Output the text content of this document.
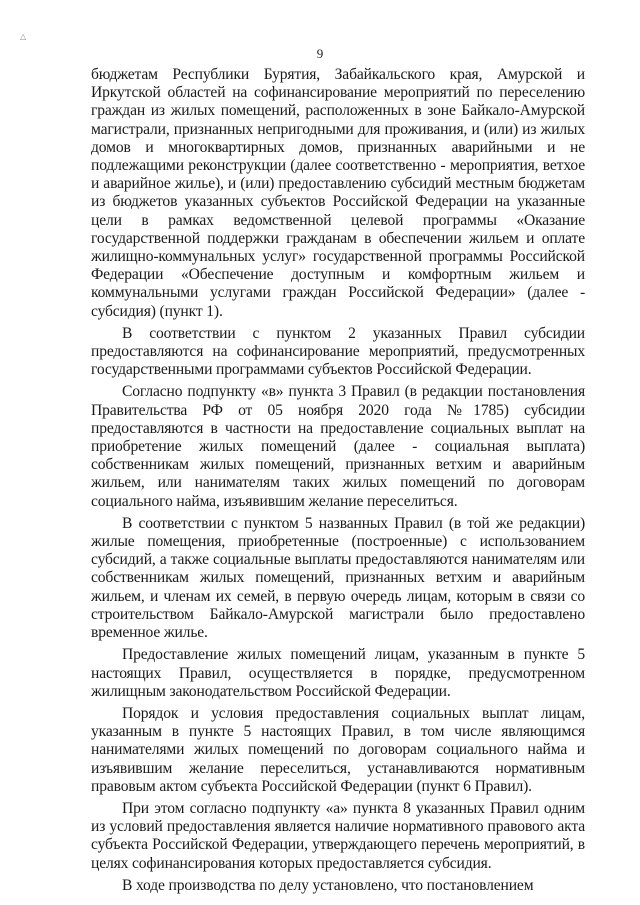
△
9

бюджетам Республики Бурятия, Забайкальского края, Амурской и Иркутской областей на софинансирование мероприятий по переселению граждан из жилых помещений, расположенных в зоне Байкало-Амурской магистрали, признанных непригодными для проживания, и (или) из жилых домов и многоквартирных домов, признанных аварийными и не подлежащими реконструкции (далее соответственно - мероприятия, ветхое и аварийное жилье), и (или) предоставлению субсидий местным бюджетам из бюджетов указанных субъектов Российской Федерации на указанные цели в рамках ведомственной целевой программы «Оказание государственной поддержки гражданам в обеспечении жильем и оплате жилищно-коммунальных услуг» государственной программы Российской Федерации «Обеспечение доступным и комфортным жильем и коммунальными услугами граждан Российской Федерации» (далее - субсидия) (пункт 1).

В соответствии с пунктом 2 указанных Правил субсидии предоставляются на софинансирование мероприятий, предусмотренных государственными программами субъектов Российской Федерации.

Согласно подпункту «в» пункта 3 Правил (в редакции постановления Правительства РФ от 05 ноября 2020 года №1785) субсидии предоставляются в частности на предоставление социальных выплат на приобретение жилых помещений (далее - социальная выплата) собственникам жилых помещений, признанных ветхим и аварийным жильем, или нанимателям таких жилых помещений по договорам социального найма, изъявившим желание переселиться.

В соответствии с пунктом 5 названных Правил (в той же редакции) жилые помещения, приобретенные (построенные) с использованием субсидий, а также социальные выплаты предоставляются нанимателям или собственникам жилых помещений, признанных ветхим и аварийным жильем, и членам их семей, в первую очередь лицам, которым в связи со строительством Байкало-Амурской магистрали было предоставлено временное жилье.

Предоставление жилых помещений лицам, указанным в пункте 5 настоящих Правил, осуществляется в порядке, предусмотренном жилищным законодательством Российской Федерации.

Порядок и условия предоставления социальных выплат лицам, указанным в пункте 5 настоящих Правил, в том числе являющимся нанимателями жилых помещений по договорам социального найма и изъявившим желание переселиться, устанавливаются нормативным правовым актом субъекта Российской Федерации (пункт 6 Правил).

При этом согласно подпункту «а» пункта 8 указанных Правил одним из условий предоставления является наличие нормативного правового акта субъекта Российской Федерации, утверждающего перечень мероприятий, в целях софинансирования которых предоставляется субсидия.

В ходе производства по делу установлено, что постановлением
